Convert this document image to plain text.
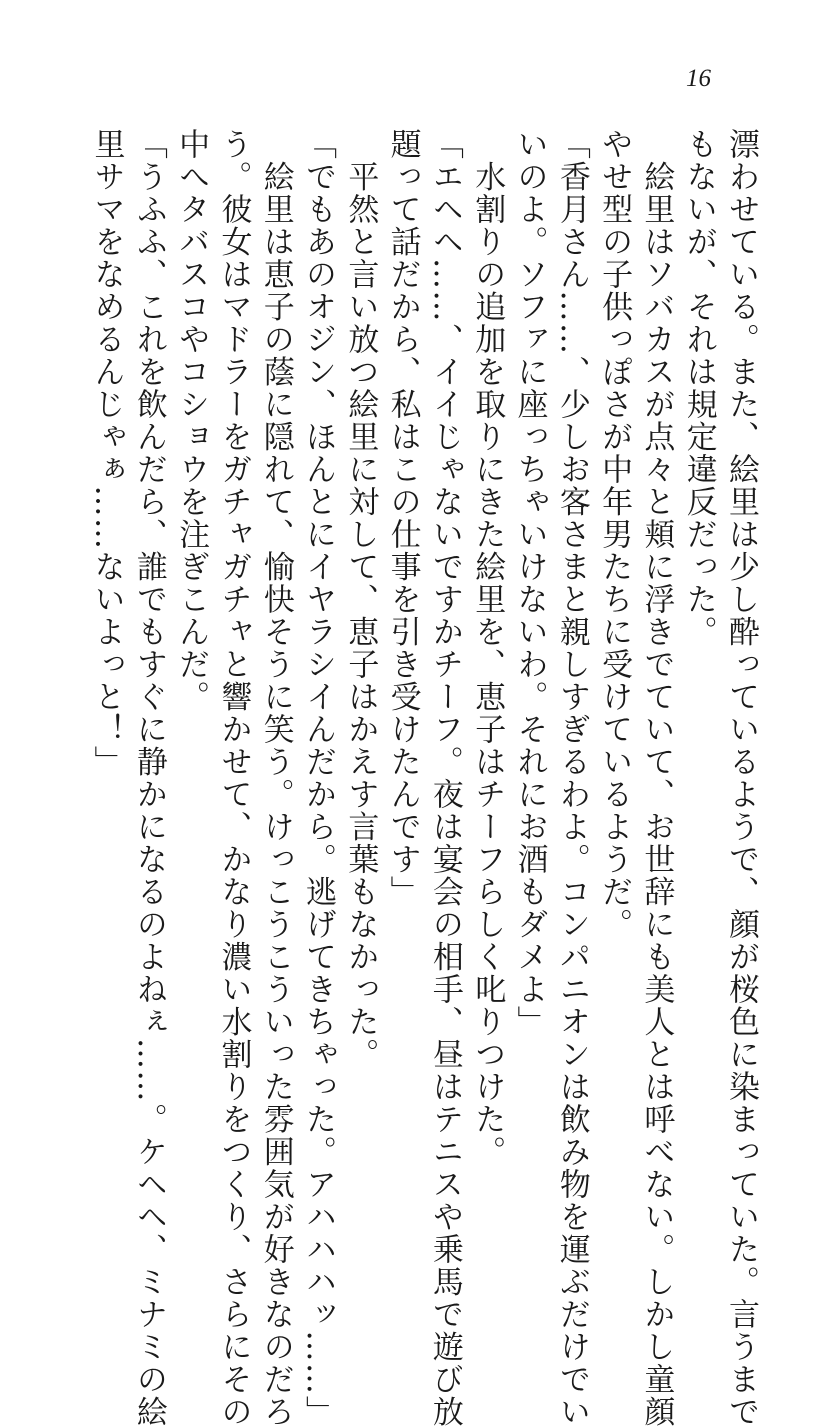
16
漂わせている。また、絵里は少し酔っているようで、顔が桜色に染まっていた。言うまで
もないが、それは規定違反だった。
　絵里はソバカスが点々と頬に浮きでていて、お世辞にも美人とは呼べない。しかし童顔
やせ型の子供っぽさが中年男たちに受けているようだ。
「香月さん……、少しお客さまと親しすぎるわよ。コンパニオンは飲み物を運ぶだけでい
いのよ。ソファに座っちゃいけないわ。それにお酒もダメよ」
　水割りの追加を取りにきた絵里を、恵子はチーフらしく叱りつけた。
「エヘヘ……、イイじゃないですかチーフ。夜は宴会の相手、昼はテニスや乗馬で遊び放
題って話だから、私はこの仕事を引き受けたんです」
　平然と言い放つ絵里に対して、恵子はかえす言葉もなかった。
「でもあのオジン、ほんとにイヤラシイんだから。逃げてきちゃった。アハハハッ……」
　絵里は恵子の蔭に隠れて、愉快そうに笑う。けっこうこういった雰囲気が好きなのだろ
う。彼女はマドラーをガチャガチャと響かせて、かなり濃い水割りをつくり、さらにその
中へタバスコやコショウを注ぎこんだ。
「うふふ、これを飲んだら、誰でもすぐに静かになるのよねぇ……。ケヘヘ、ミナミの絵
里サマをなめるんじゃぁ……ないよっと！」
